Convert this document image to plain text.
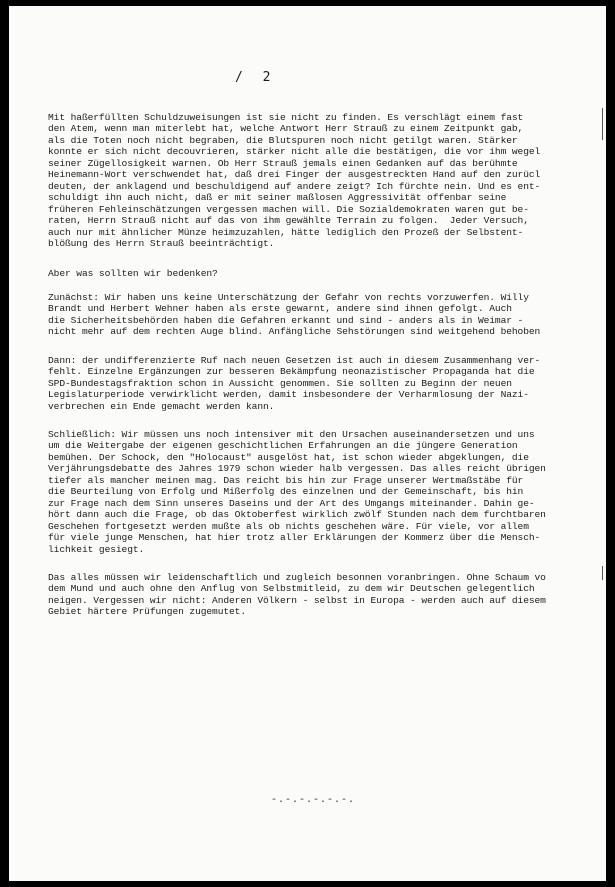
/ 2
Mit haßerfüllten Schuldzuweisungen ist sie nicht zu finden. Es verschlägt einem fast
den Atem, wenn man miterlebt hat, welche Antwort Herr Strauß zu einem Zeitpunkt gab,
als die Toten noch nicht begraben, die Blutspuren noch nicht getilgt waren. Stärker
konnte er sich nicht decouvrieren, stärker nicht alle die bestätigen, die vor ihm wegel
seiner Zügellosigkeit warnen. Ob Herr Strauß jemals einen Gedanken auf das berühmte
Heinemann-Wort verschwendet hat, daß drei Finger der ausgestreckten Hand auf den zurücl
deuten, der anklagend und beschuldigend auf andere zeigt? Ich fürchte nein. Und es ent-
schuldigt ihn auch nicht, daß er mit seiner maßlosen Aggressivität offenbar seine
früheren Fehleinschätzungen vergessen machen will. Die Sozialdemokraten waren gut be-
raten, Herrn Strauß nicht auf das von ihm gewählte Terrain zu folgen.  Jeder Versuch,
auch nur mit ähnlicher Münze heimzuzahlen, hätte lediglich den Prozeß der Selbstent-
blößung des Herrn Strauß beeinträchtigt.
Aber was sollten wir bedenken?
Zunächst: Wir haben uns keine Unterschätzung der Gefahr von rechts vorzuwerfen. Willy
Brandt und Herbert Wehner haben als erste gewarnt, andere sind ihnen gefolgt. Auch
die Sicherheitsbehörden haben die Gefahren erkannt und sind - anders als in Weimar -
nicht mehr auf dem rechten Auge blind. Anfängliche Sehstörungen sind weitgehend behoben
Dann: der undifferenzierte Ruf nach neuen Gesetzen ist auch in diesem Zusammenhang ver-
fehlt. Einzelne Ergänzungen zur besseren Bekämpfung neonazistischer Propaganda hat die
SPD-Bundestagsfraktion schon in Aussicht genommen. Sie sollten zu Beginn der neuen
Legislaturperiode verwirklicht werden, damit insbesondere der Verharmlosung der Nazi-
verbrechen ein Ende gemacht werden kann.
Schließlich: Wir müssen uns noch intensiver mit den Ursachen auseinandersetzen und uns
um die Weitergabe der eigenen geschichtlichen Erfahrungen an die jüngere Generation
bemühen. Der Schock, den "Holocaust" ausgelöst hat, ist schon wieder abgeklungen, die
Verjährungsdebatte des Jahres 1979 schon wieder halb vergessen. Das alles reicht übrigen
tiefer als mancher meinen mag. Das reicht bis hin zur Frage unserer Wertmaßstäbe für
die Beurteilung von Erfolg und Mißerfolg des einzelnen und der Gemeinschaft, bis hin
zur Frage nach dem Sinn unseres Daseins und der Art des Umgangs miteinander. Dahin ge-
hört dann auch die Frage, ob das Oktoberfest wirklich zwölf Stunden nach dem furchtbaren
Geschehen fortgesetzt werden mußte als ob nichts geschehen wäre. Für viele, vor allem
für viele junge Menschen, hat hier trotz aller Erklärungen der Kommerz über die Mensch-
lichkeit gesiegt.
Das alles müssen wir leidenschaftlich und zugleich besonnen voranbringen. Ohne Schaum vo
dem Mund und auch ohne den Anflug von Selbstmitleid, zu dem wir Deutschen gelegentlich
neigen. Vergessen wir nicht: Anderen Völkern - selbst in Europa - werden auch auf diesem
Gebiet härtere Prüfungen zugemutet.
-.-.-.-.-.-.
